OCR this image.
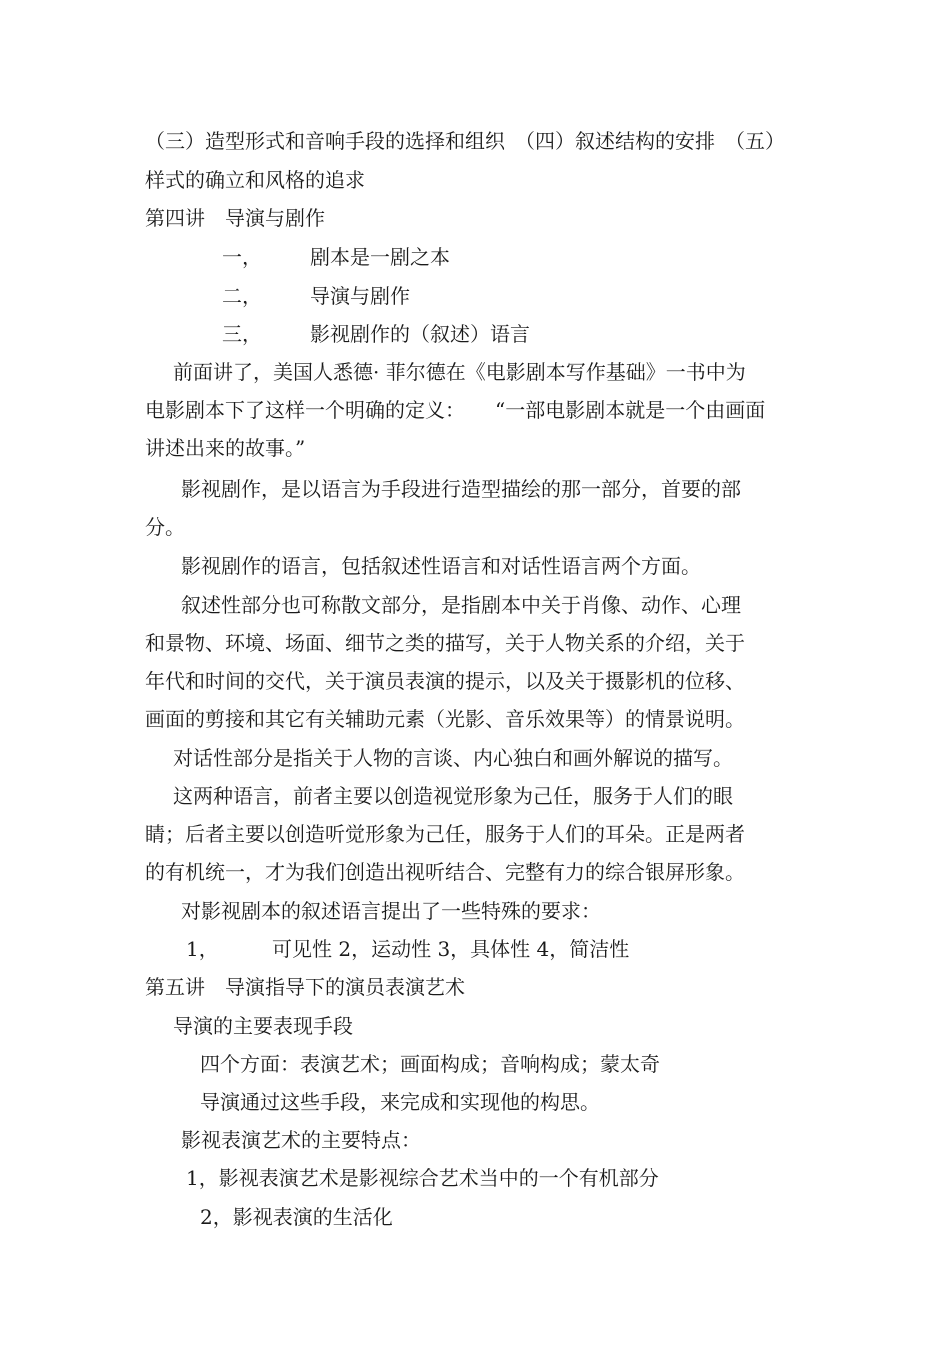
（三）造型形式和音响手段的选择和组织　（四）叙述结构的安排　（五）
样式的确立和风格的追求
第四讲　导演与剧作
一， 剧本是一剧之本
二， 导演与剧作
三， 影视剧作的（叙述）语言
前面讲了，美国人悉德· 菲尔德在《电影剧本写作基础》一书中为
电影剧本下了这样一个明确的定义：　　“一部电影剧本就是一个由画面
讲述出来的故事。”
影视剧作，是以语言为手段进行造型描绘的那一部分，首要的部
分。
影视剧作的语言，包括叙述性语言和对话性语言两个方面。
叙述性部分也可称散文部分，是指剧本中关于肖像、动作、心理
和景物、环境、场面、细节之类的描写，关于人物关系的介绍，关于
年代和时间的交代，关于演员表演的提示，以及关于摄影机的位移、
画面的剪接和其它有关辅助元素（光影、音乐效果等）的情景说明。
对话性部分是指关于人物的言谈、内心独白和画外解说的描写。
这两种语言，前者主要以创造视觉形象为己任，服务于人们的眼
睛；后者主要以创造听觉形象为己任，服务于人们的耳朵。正是两者
的有机统一，才为我们创造出视听结合、完整有力的综合银屏形象。
对影视剧本的叙述语言提出了一些特殊的要求：
1，	可见性 2，运动性 3，具体性 4，简洁性
第五讲　导演指导下的演员表演艺术
导演的主要表现手段
四个方面：表演艺术；画面构成；音响构成；蒙太奇
导演通过这些手段，来完成和实现他的构思。
影视表演艺术的主要特点：
1，影视表演艺术是影视综合艺术当中的一个有机部分
2，影视表演的生活化
